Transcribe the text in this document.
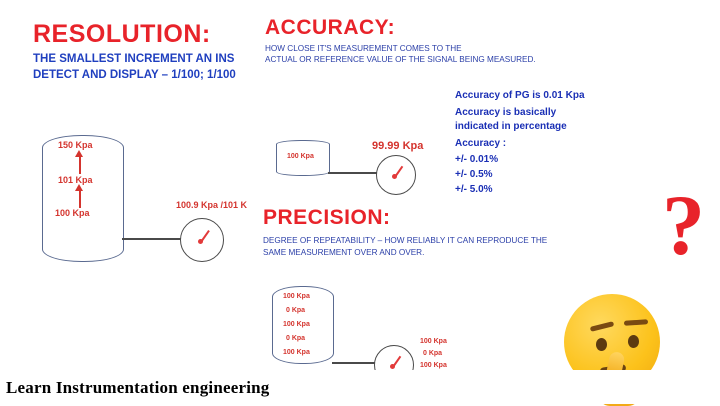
RESOLUTION:
THE SMALLEST INCREMENT AN INS
DETECT AND DISPLAY – 1/100; 1/100
150 Kpa
101 Kpa
100 Kpa
100.9 Kpa /101 K
ACCURACY:
HOW CLOSE IT'S MEASUREMENT COMES TO THE
ACTUAL OR REFERENCE VALUE OF THE SIGNAL BEING MEASURED.
Accuracy of PG is 0.01 Kpa
Accuracy is basically
indicated in percentage
Accuracy :
+/- 0.01%
+/- 0.5%
+/- 5.0%
100 Kpa
99.99 Kpa
PRECISION:
DEGREE OF REPEATABILITY – HOW RELIABLY IT CAN REPRODUCE THE
SAME MEASUREMENT OVER AND OVER.
100 Kpa
0 Kpa
100 Kpa
0 Kpa
100 Kpa
100 Kpa
0 Kpa
100 Kpa
?
Learn Instrumentation engineering
